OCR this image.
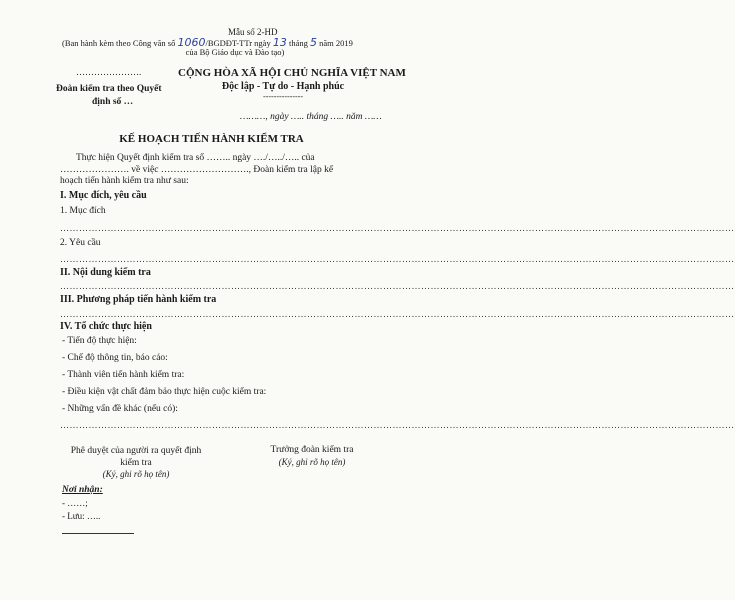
Mẫu số 2-HD
(Ban hành kèm theo Công văn số 1060/BGDĐT-TTr ngày 13 tháng 5 năm 2019
của Bộ Giáo dục và Đào tạo)
………………….
Đoàn kiểm tra theo Quyết
định số …
CỘNG HÒA XÃ HỘI CHỦ NGHĨA VIỆT NAM
Độc lập - Tự do - Hạnh phúc
---------------
………, ngày ….. tháng ….. năm ……
KẾ HOẠCH TIẾN HÀNH KIỂM TRA
Thực hiện Quyết định kiểm tra số …….. ngày …./…../….. của
…………………. về việc ………………………., Đoàn kiểm tra lập kế
hoạch tiến hành kiểm tra như sau:
I. Mục đích, yêu cầu
1. Mục đích
……………………………………………………………………………………………………………………………………………………………………………………………
2. Yêu cầu
……………………………………………………………………………………………………………………………………………………………………………………………
II. Nội dung kiểm tra
……………………………………………………………………………………………………………………………………………………………………………………………
III. Phương pháp tiến hành kiểm tra
……………………………………………………………………………………………………………………………………………………………………………………………
IV. Tổ chức thực hiện
- Tiến độ thực hiện:
- Chế độ thông tin, báo cáo:
- Thành viên tiến hành kiểm tra:
- Điều kiện vật chất đảm bảo thực hiện cuộc kiểm tra:
- Những vấn đề khác (nếu có):
……………………………………………………………………………………………………………………………………………………………………………………………
Phê duyệt của người ra quyết định
kiểm tra
(Ký, ghi rõ họ tên)
Trưởng đoàn kiểm tra
(Ký, ghi rõ họ tên)
Nơi nhận:
- ……;
- Lưu: …..
